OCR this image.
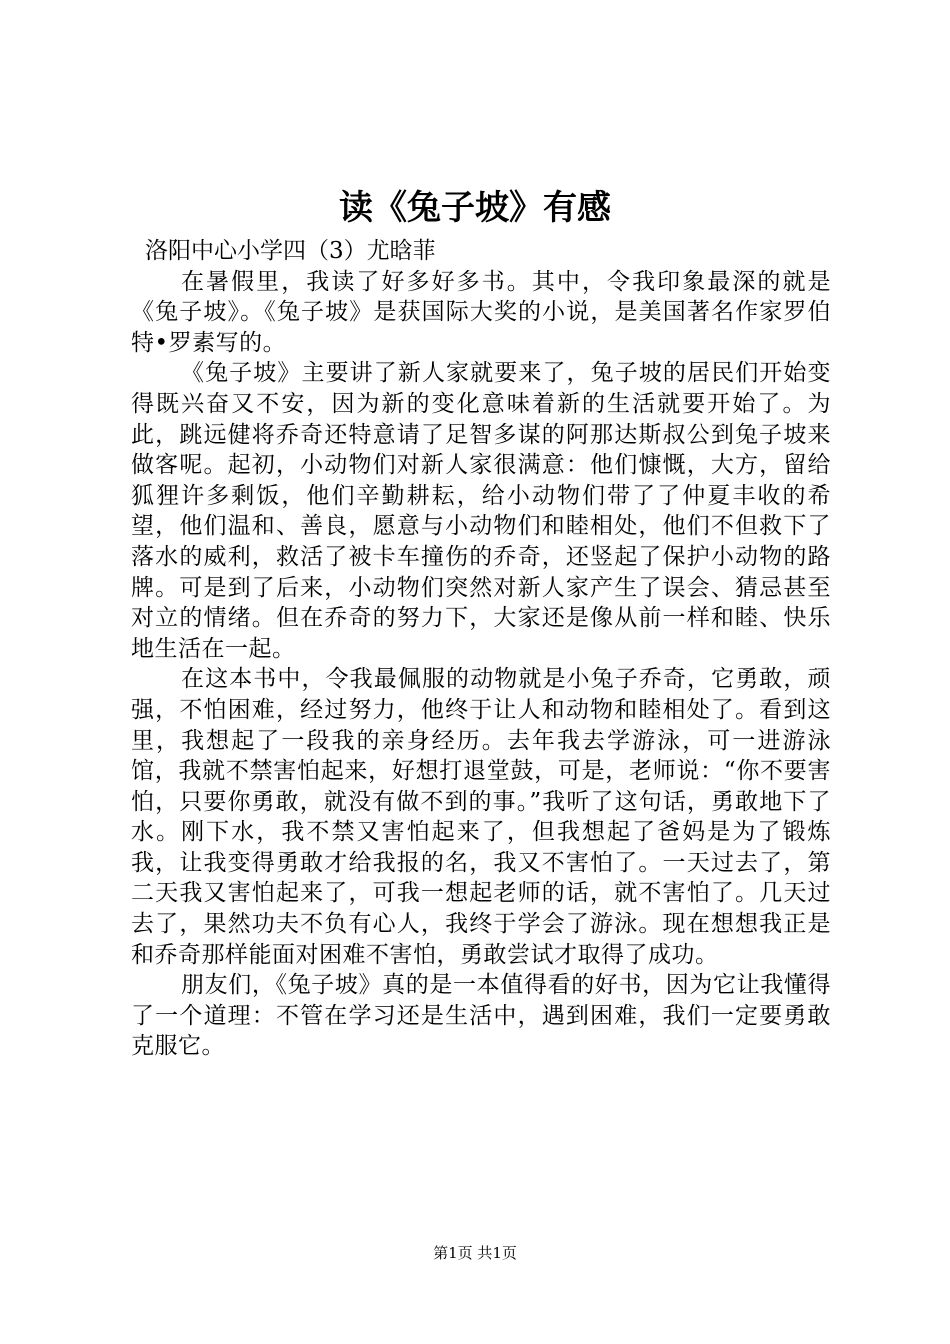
读《兔子坡》有感

洛阳中心小学四（3）尤晗菲

在暑假里，我读了好多好多书。其中，令我印象最深的就是《兔子坡》。《兔子坡》是获国际大奖的小说，是美国著名作家罗伯特•罗素写的。

《兔子坡》主要讲了新人家就要来了，兔子坡的居民们开始变得既兴奋又不安，因为新的变化意味着新的生活就要开始了。为此，跳远健将乔奇还特意请了足智多谋的阿那达斯叔公到兔子坡来做客呢。起初，小动物们对新人家很满意：他们慷慨，大方，留给狐狸许多剩饭，他们辛勤耕耘，给小动物们带了了仲夏丰收的希望，他们温和、善良，愿意与小动物们和睦相处，他们不但救下了落水的威利，救活了被卡车撞伤的乔奇，还竖起了保护小动物的路牌。可是到了后来，小动物们突然对新人家产生了误会、猜忌甚至对立的情绪。但在乔奇的努力下，大家还是像从前一样和睦、快乐地生活在一起。

在这本书中，令我最佩服的动物就是小兔子乔奇，它勇敢，顽强，不怕困难，经过努力，他终于让人和动物和睦相处了。看到这里，我想起了一段我的亲身经历。去年我去学游泳，可一进游泳馆，我就不禁害怕起来，好想打退堂鼓，可是，老师说：“你不要害怕，只要你勇敢，就没有做不到的事。”我听了这句话，勇敢地下了水。刚下水，我不禁又害怕起来了，但我想起了爸妈是为了锻炼我，让我变得勇敢才给我报的名，我又不害怕了。一天过去了，第二天我又害怕起来了，可我一想起老师的话，就不害怕了。几天过去了，果然功夫不负有心人，我终于学会了游泳。现在想想我正是和乔奇那样能面对困难不害怕，勇敢尝试才取得了成功。

朋友们，《兔子坡》真的是一本值得看的好书，因为它让我懂得了一个道理：不管在学习还是生活中，遇到困难，我们一定要勇敢克服它。

第1页 共1页
